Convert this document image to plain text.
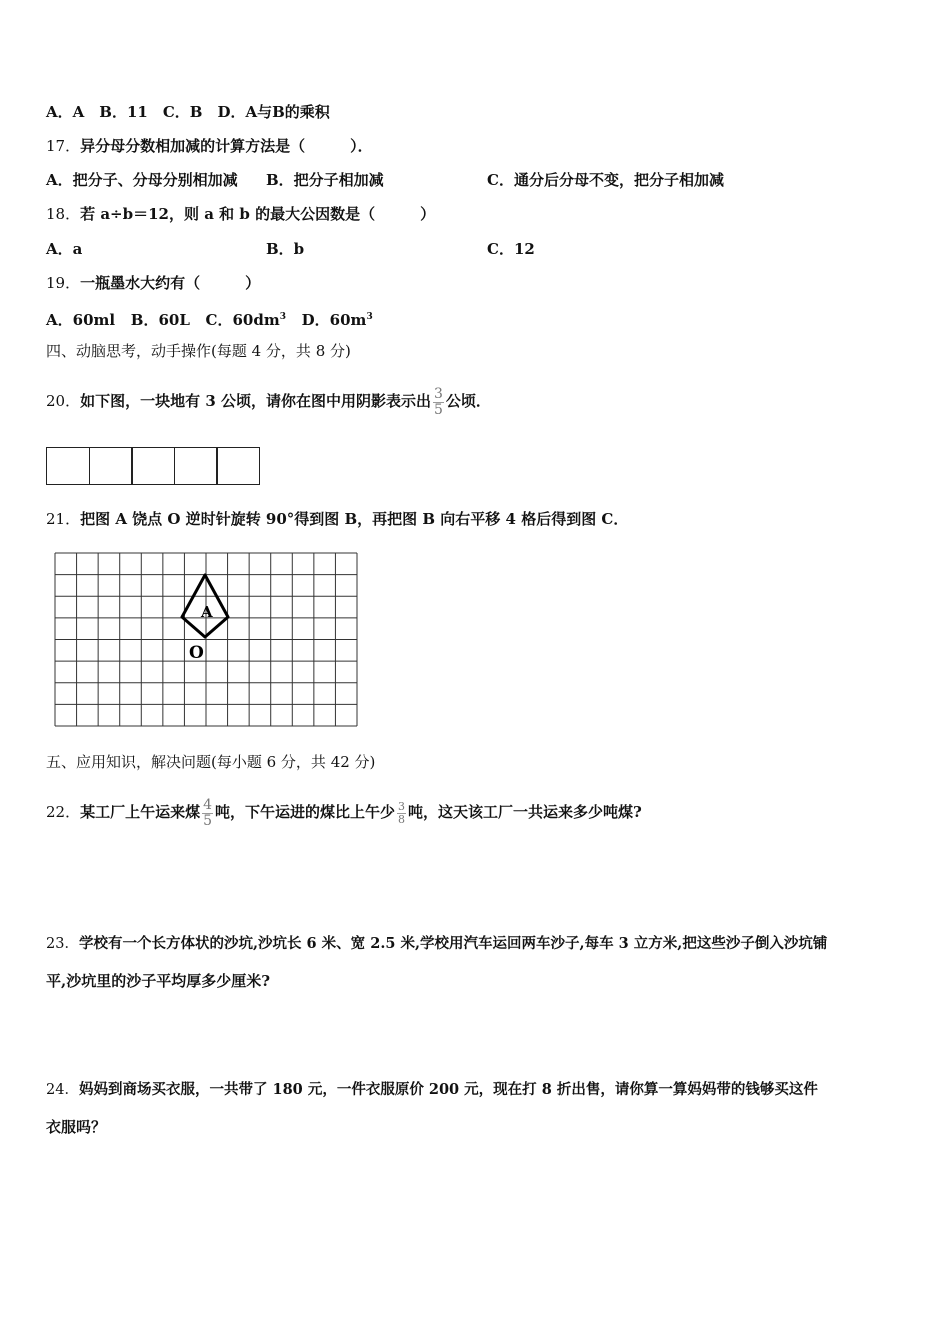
A．A　B．11　C．B　D．A与B的乘积
17．异分母分数相加减的计算方法是（　　　）．
A．把分子、分母分别相加减 B．把分子相加减	C．通分后分母不变，把分子相加减
18．若 a÷b＝12，则 a 和 b 的最大公因数是（　　　）
A．a	B．b	C．12
19．一瓶墨水大约有（　　　）
A．60ml B．60L C．$60dm^3$ D．$60m^3$
四、动脑思考，动手操作(每题 4 分，共 8 分)
20．如下图，一块地有 3 公顷，请你在图中用阴影表示出 $\frac{3}{5}$ 公顷．
21．把图 A 饶点 O 逆时针旋转 90°得到图 B，再把图 B 向右平移 4 格后得到图 C．
A
O
五、应用知识，解决问题(每小题 6 分，共 42 分)
22．某工厂上午运来煤 $\frac{4}{5}$ 吨，下午运进的煤比上午少 $\frac{3}{8}$ 吨，这天该工厂一共运来多少吨煤?
23．学校有一个长方体状的沙坑,沙坑长 6 米、宽 2.5 米,学校用汽车运回两车沙子,每车 3 立方米,把这些沙子倒入沙坑铺
平,沙坑里的沙子平均厚多少厘米?
24．妈妈到商场买衣服，一共带了 180 元，一件衣服原价 200 元，现在打 8 折出售，请你算一算妈妈带的钱够买这件
衣服吗？
